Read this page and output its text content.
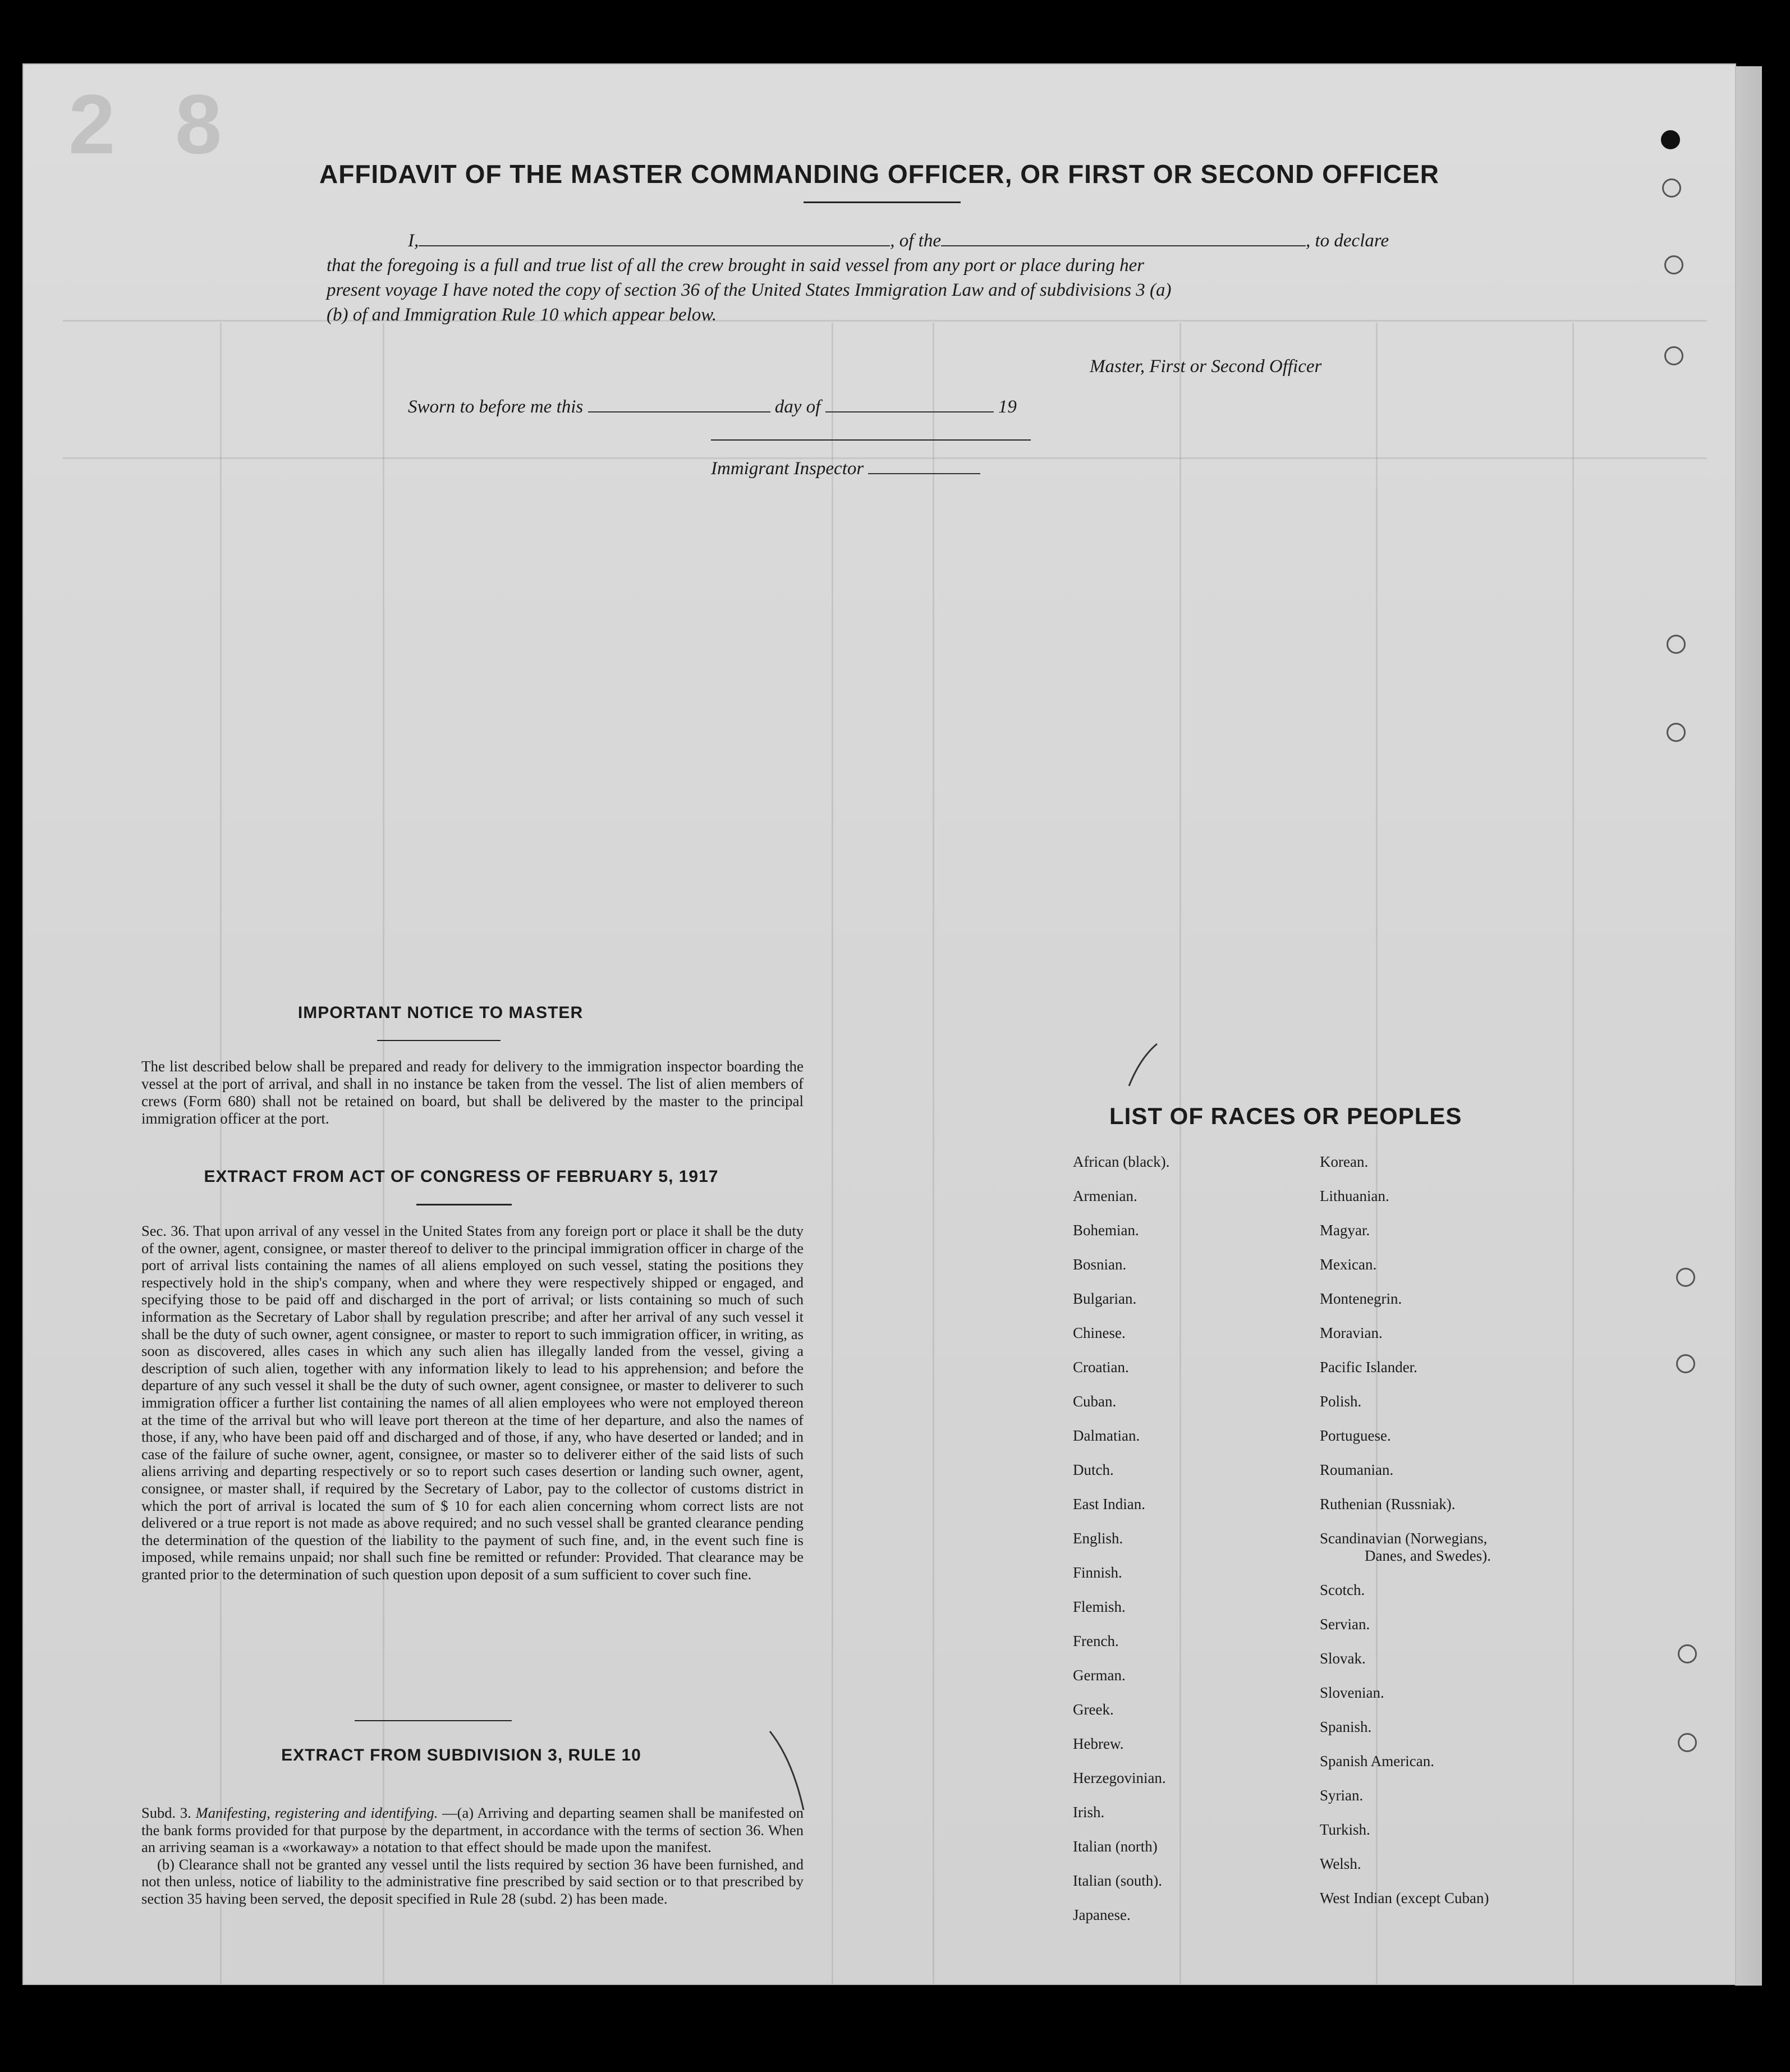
2 8
AFFIDAVIT OF THE MASTER COMMANDING OFFICER, OR FIRST OR SECOND OFFICER
I,	, of the	, to declare
that the foregoing is a full and true list of all the crew brought in said vessel from any port or place during her
present voyage I have noted the copy of section 36 of the United States Immigration Law and of subdivisions 3 (a)
(b) of and Immigration Rule 10 which appear below.
Master, First or Second Officer
Sworn to before me this	day of	19
Immigrant Inspector
IMPORTANT NOTICE TO MASTER
The list described below shall be prepared and ready for delivery to the immigration inspector boarding the vessel at the port of arrival, and shall in no instance be taken from the vessel. The list of alien members of crews (Form 680) shall not be retained on board, but shall be delivered by the master to the principal immigration officer at the port.
EXTRACT FROM ACT OF CONGRESS OF FEBRUARY 5, 1917
Sec. 36. That upon arrival of any vessel in the United States from any foreign port or place it shall be the duty of the owner, agent, consignee, or master thereof to deliver to the principal immigration officer in charge of the port of arrival lists containing the names of all aliens employed on such vessel, stating the positions they respectively hold in the ship's company, when and where they were respectively shipped or engaged, and specifying those to be paid off and discharged in the port of arrival; or lists containing so much of such information as the Secretary of Labor shall by regulation prescribe; and after her arrival of any such vessel it shall be the duty of such owner, agent consignee, or master to report to such immigration officer, in writing, as soon as discovered, alles cases in which any such alien has illegally landed from the vessel, giving a description of such alien, together with any information likely to lead to his apprehension; and before the departure of any such vessel it shall be the duty of such owner, agent consignee, or master to deliverer to such immigration officer a further list containing the names of all alien employees who were not employed thereon at the time of the arrival but who will leave port thereon at the time of her departure, and also the names of those, if any, who have been paid off and discharged and of those, if any, who have deserted or landed; and in case of the failure of suche owner, agent, consignee, or master so to deliverer either of the said lists of such aliens arriving and departing respectively or so to report such cases desertion or landing such owner, agent, consignee, or master shall, if required by the Secretary of Labor, pay to the collector of customs district in which the port of arrival is located the sum of $ 10 for each alien concerning whom correct lists are not delivered or a true report is not made as above required; and no such vessel shall be granted clearance pending the determination of the question of the liability to the payment of such fine, and, in the event such fine is imposed, while remains unpaid; nor shall such fine be remitted or refunder: Provided. That clearance may be granted prior to the determination of such question upon deposit of a sum sufficient to cover such fine.
EXTRACT FROM SUBDIVISION 3, RULE 10
Subd. 3. Manifesting, registering and identifying. —(a) Arriving and departing seamen shall be manifested on the bank forms provided for that purpose by the department, in accordance with the terms of section 36. When an arriving seaman is a «workaway» a notation to that effect should be made upon the manifest.
(b) Clearance shall not be granted any vessel until the lists required by section 36 have been furnished, and not then unless, notice of liability to the administrative fine prescribed by said section or to that prescribed by section 35 having been served, the deposit specified in Rule 28 (subd. 2) has been made.
LIST OF RACES OR PEOPLES
African (black).
Armenian.
Bohemian.
Bosnian.
Bulgarian.
Chinese.
Croatian.
Cuban.
Dalmatian.
Dutch.
East Indian.
English.
Finnish.
Flemish.
French.
German.
Greek.
Hebrew.
Herzegovinian.
Irish.
Italian (north)
Italian (south).
Japanese.
Korean.
Lithuanian.
Magyar.
Mexican.
Montenegrin.
Moravian.
Pacific Islander.
Polish.
Portuguese.
Roumanian.
Ruthenian (Russniak).
Scandinavian (Norwegians,
Danes, and Swedes).
Scotch.
Servian.
Slovak.
Slovenian.
Spanish.
Spanish American.
Syrian.
Turkish.
Welsh.
West Indian (except Cuban)
